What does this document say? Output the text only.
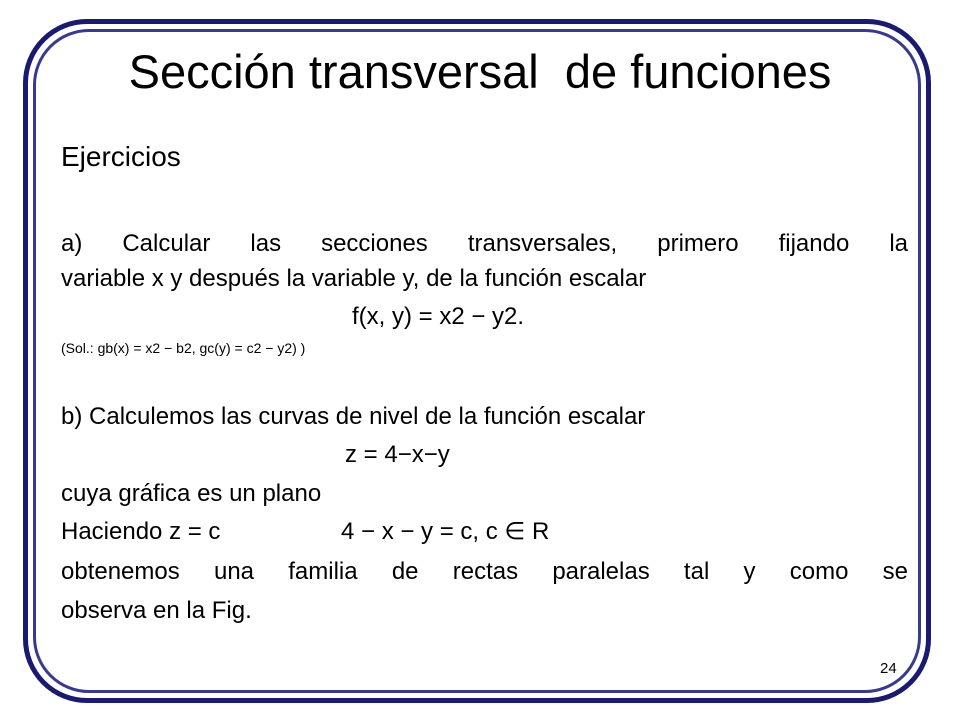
Sección transversal  de funciones
Ejercicios
a) Calcular las secciones transversales, primero fijando la
variable x y después la variable y, de la función escalar
f(x, y) = x2 − y2.
(Sol.: gb(x) = x2 − b2, gc(y) = c2 − y2) )
b) Calculemos las curvas de nivel de la función escalar
z = 4−x−y
cuya gráfica es un plano
Haciendo z = c	4 − x − y = c, c ∈ R
obtenemos una familia de rectas paralelas tal y como se
observa en la Fig.
24
